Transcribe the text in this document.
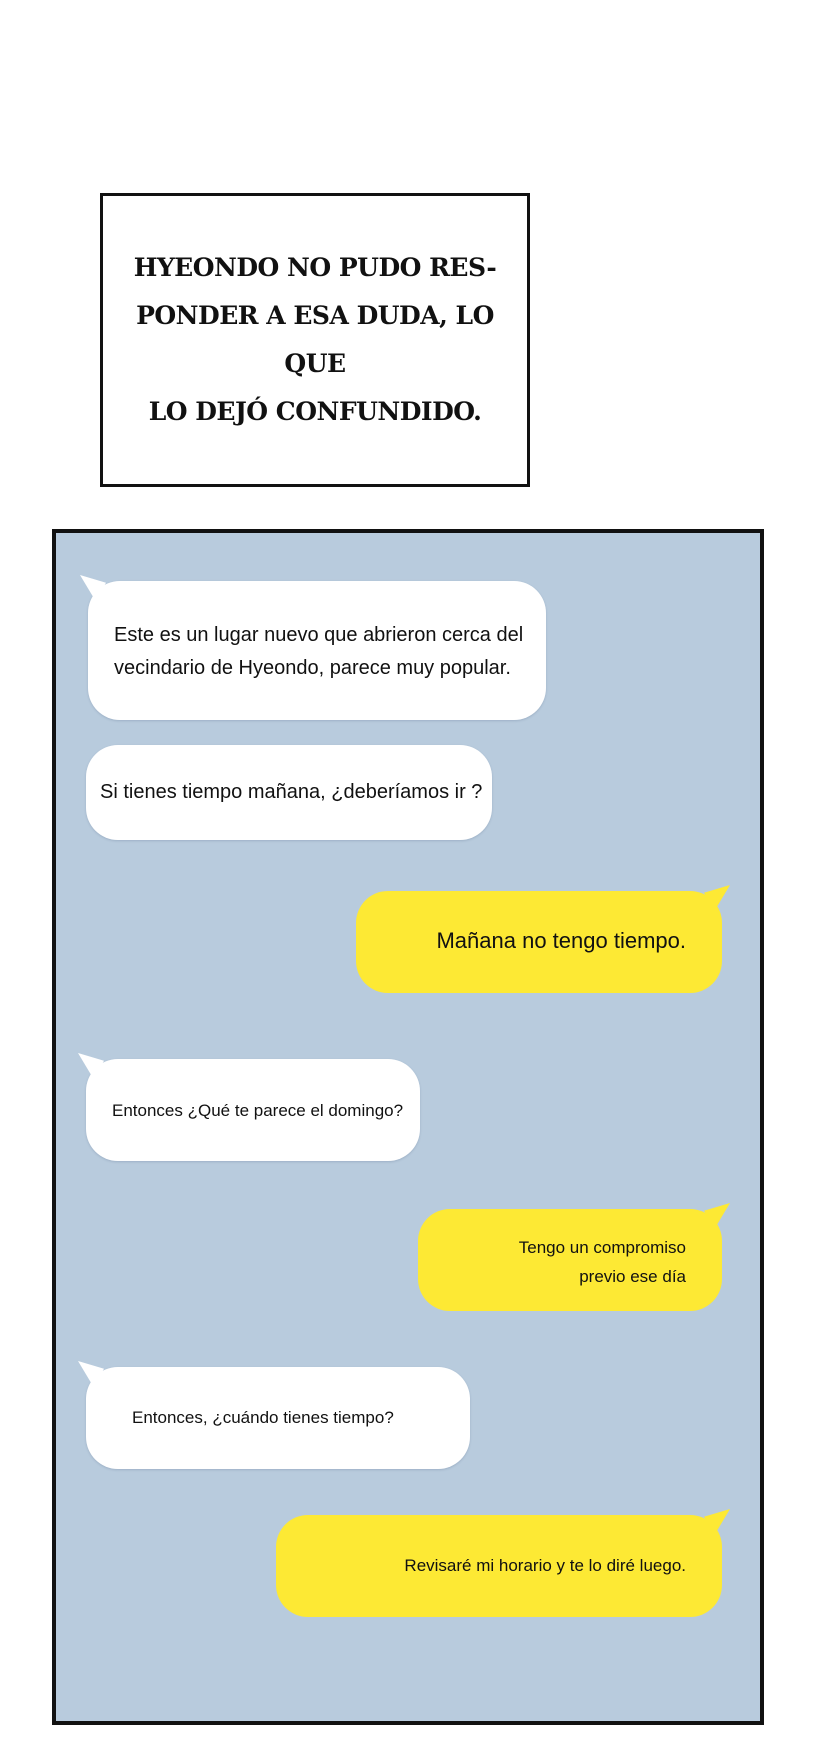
HYEONDO NO PUDO RES-
PONDER A ESA DUDA, LO QUE
LO DEJÓ CONFUNDIDO.

Este es un lugar nuevo que abrieron cerca del vecindario de Hyeondo, parece muy popular.

Si tienes tiempo mañana, ¿deberíamos ir ?

Mañana no tengo tiempo.

Entonces ¿Qué te parece el domingo?

Tengo un compromiso
previo ese día

Entonces, ¿cuándo tienes tiempo?

Revisaré mi horario y te lo diré luego.
